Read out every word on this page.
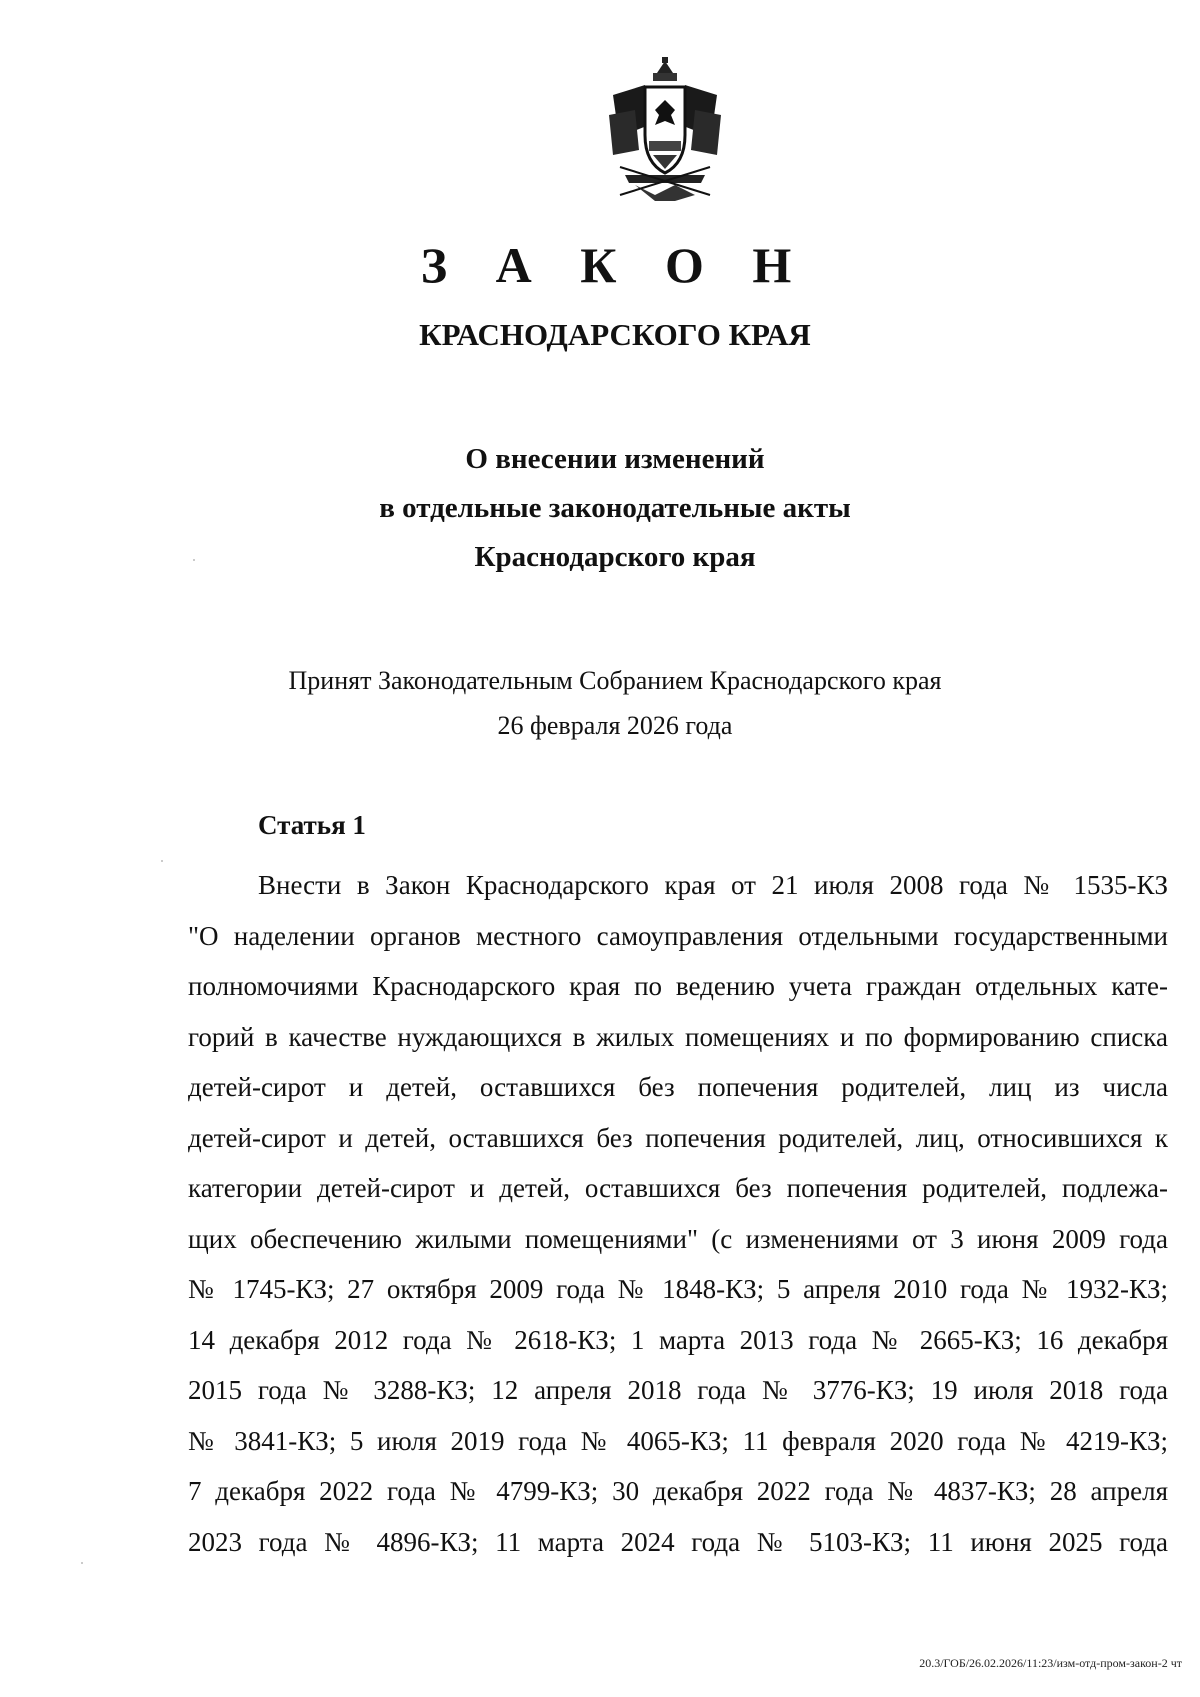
З А К О Н
КРАСНОДАРСКОГО КРАЯ
О внесении изменений
в отдельные законодательные акты
Краснодарского края
Принят Законодательным Собранием Краснодарского края
26 февраля 2026 года
Статья 1
Внести в Закон Краснодарского края от 21 июля 2008 года № 1535-КЗ
"О наделении органов местного самоуправления отдельными государственными
полномочиями Краснодарского края по ведению учета граждан отдельных кате-
горий в качестве нуждающихся в жилых помещениях и по формированию списка
детей-сирот и детей, оставшихся без попечения родителей, лиц из числа
детей-сирот и детей, оставшихся без попечения родителей, лиц, относившихся к
категории детей-сирот и детей, оставшихся без попечения родителей, подлежа-
щих обеспечению жилыми помещениями" (с изменениями от 3 июня 2009 года
№ 1745-КЗ; 27 октября 2009 года № 1848-КЗ; 5 апреля 2010 года № 1932-КЗ;
14 декабря 2012 года № 2618-КЗ; 1 марта 2013 года № 2665-КЗ; 16 декабря
2015 года № 3288-КЗ; 12 апреля 2018 года № 3776-КЗ; 19 июля 2018 года
№ 3841-КЗ; 5 июля 2019 года № 4065-КЗ; 11 февраля 2020 года № 4219-КЗ;
7 декабря 2022 года № 4799-КЗ; 30 декабря 2022 года № 4837-КЗ; 28 апреля
2023 года № 4896-КЗ; 11 марта 2024 года № 5103-КЗ; 11 июня 2025 года
20.3/ГОБ/26.02.2026/11:23/изм-отд-пром-закон-2 чт
